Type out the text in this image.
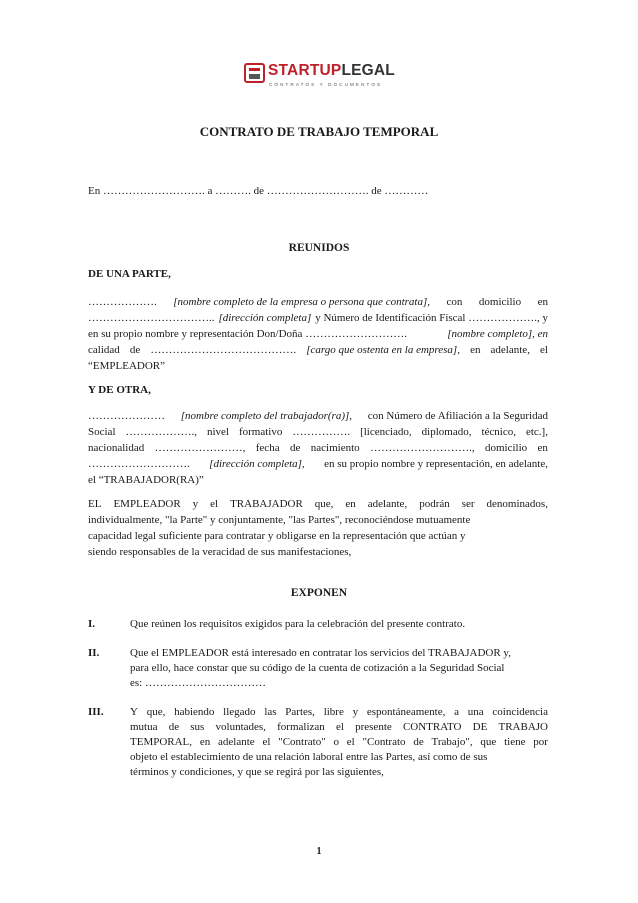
STARTUPLEGAL
CONTRATOS Y DOCUMENTOS
CONTRATO DE TRABAJO TEMPORAL
En ………………………. a ………. de ………………………. de …………
REUNIDOS
DE UNA PARTE,
………………. [nombre completo de la empresa o persona que contrata], con domicilio en
…………………………….. [dirección completa] y Número de Identificación Fiscal ………………., y
en su propio nombre y representación Don/Doña ……………………….	[nombre completo], en
calidad de …………………………………. [cargo que ostenta en la empresa], en adelante, el
“EMPLEADOR”
Y DE OTRA,
………………… [nombre completo del trabajador(ra)], con Número de Afiliación a la Seguridad
Social ………………., nivel formativo ……………. [licenciado, diplomado, técnico, etc.],
nacionalidad ……………………, fecha de nacimiento ………………………., domicilio en
………………………. [dirección completa], en su propio nombre y representación, en adelante,
el “TRABAJADOR(RA)”
EL EMPLEADOR y el TRABAJADOR que, en adelante, podrán ser denominados,
individualmente, "la Parte" y conjuntamente, "las Partes", reconociéndose mutuamente
capacidad legal suficiente para contratar y obligarse en la representación que actúan y
siendo responsables de la veracidad de sus manifestaciones,
EXPONEN
I.	Que reúnen los requisitos exigidos para la celebración del presente contrato.
II.	Que el EMPLEADOR está interesado en contratar los servicios del TRABAJADOR y,
para ello, hace constar que su código de la cuenta de cotización a la Seguridad Social
es: ……………………………
III. Y que, habiendo llegado las Partes, libre y espontáneamente, a una coincidencia
mutua de sus voluntades, formalizan el presente CONTRATO DE TRABAJO
TEMPORAL, en adelante el "Contrato" o el "Contrato de Trabajo", que tiene por
objeto el establecimiento de una relación laboral entre las Partes, así como de sus
términos y condiciones, y que se regirá por las siguientes,
1
